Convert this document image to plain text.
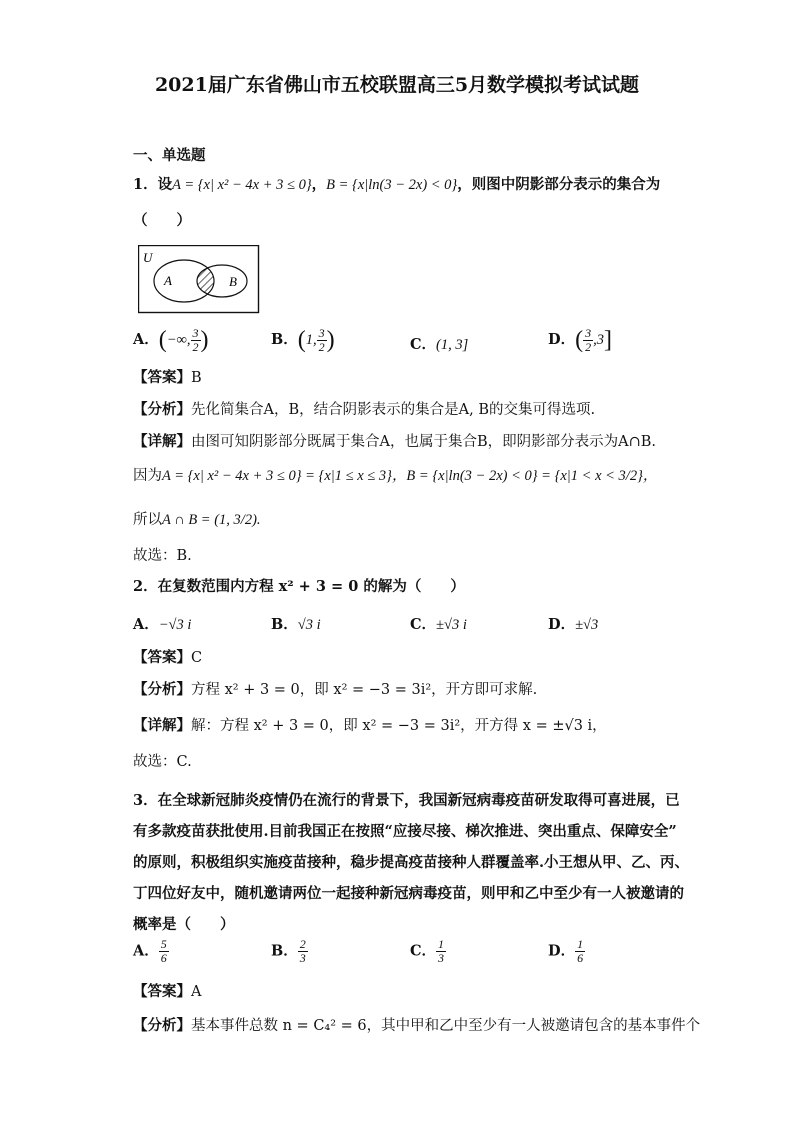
2021届广东省佛山市五校联盟高三5月数学模拟考试试题
一、单选题
1．设A = {x| x² − 4x + 3 ≤ 0}，B = {x|ln(3 − 2x) < 0}，则图中阴影部分表示的集合为
（　　）
U
A	B
A．(−∞, $\frac{3}{2}$ )	B．(1, $\frac{3}{2}$ )	C．(1, 3]	D．( $\frac{3}{2} ,3$]
【答案】B
【分析】先化简集合A，B，结合阴影表示的集合是A, B的交集可得选项.
【详解】由图可知阴影部分既属于集合A，也属于集合B，即阴影部分表示为A∩B.
因为A = {x| x² − 4x + 3 ≤ 0} = {x|1 ≤ x ≤ 3}，B = {x|ln(3 − 2x) < 0} = {x|1 < x < 3/2}，
所以A ∩ B = (1, 3/2).
故选：B.
2．在复数范围内方程 x² + 3 = 0 的解为（　　）
A．−√3 i	B．√3 i	C．±√3 i	D．±√3
【答案】C
【分析】方程 x² + 3 = 0，即 x² = −3 = 3i²，开方即可求解.
【详解】解：方程 x² + 3 = 0，即 x² = −3 = 3i²，开方得 x = ±√3 i，
故选：C.
3．在全球新冠肺炎疫情仍在流行的背景下，我国新冠病毒疫苗研发取得可喜进展，已
有多款疫苗获批使用.目前我国正在按照“应接尽接、梯次推进、突出重点、保障安全”
的原则，积极组织实施疫苗接种，稳步提高疫苗接种人群覆盖率.小王想从甲、乙、丙、
丁四位好友中，随机邀请两位一起接种新冠病毒疫苗，则甲和乙中至少有一人被邀请的
概率是（　　）
A． $\frac{5}{6}$	B． $\frac{2}{3}$	C． $\frac{1}{3}$	D． $\frac{1}{6}$
【答案】A
【分析】基本事件总数 n = C₄² = 6，其中甲和乙中至少有一人被邀请包含的基本事件个
